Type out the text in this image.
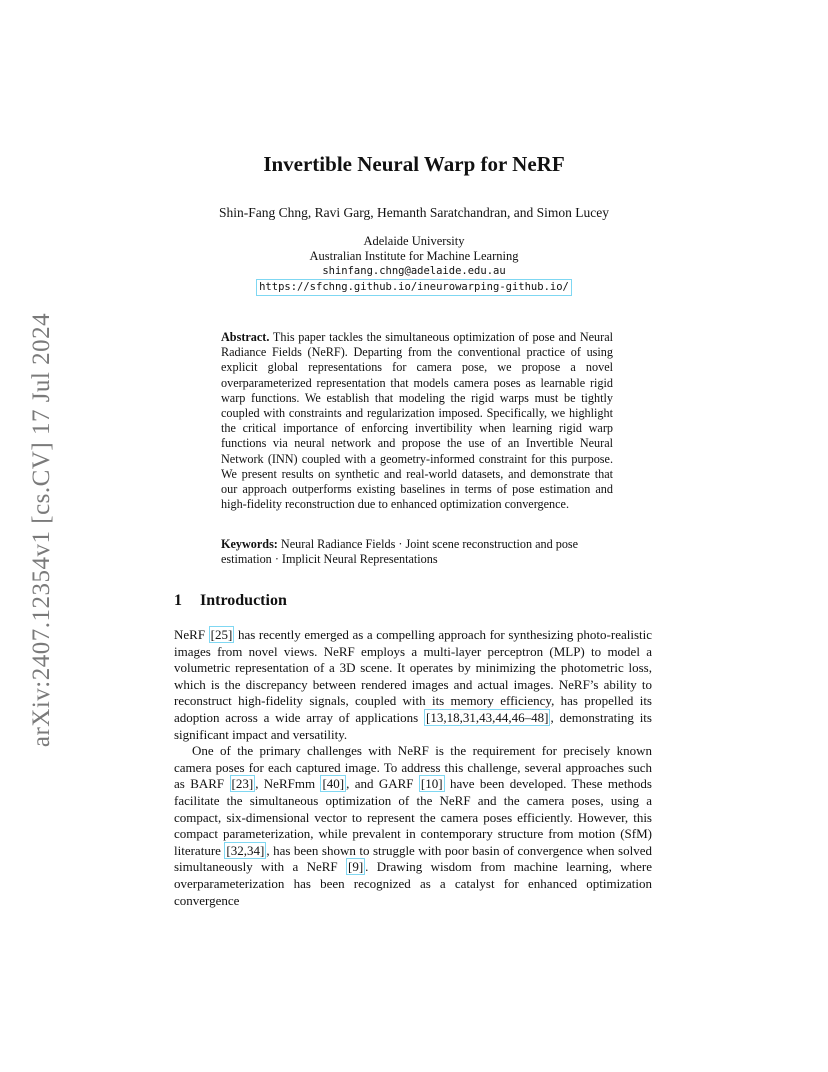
arXiv:2407.12354v1 [cs.CV] 17 Jul 2024
Invertible Neural Warp for NeRF
Shin-Fang Chng, Ravi Garg, Hemanth Saratchandran, and Simon Lucey
Adelaide University
Australian Institute for Machine Learning
shinfang.chng@adelaide.edu.au
https://sfchng.github.io/ineurowarping-github.io/
Abstract. This paper tackles the simultaneous optimization of pose and Neural Radiance Fields (NeRF). Departing from the conventional practice of using explicit global representations for camera pose, we propose a novel overparameterized representation that models camera poses as learnable rigid warp functions. We establish that modeling the rigid warps must be tightly coupled with constraints and regularization imposed. Specifically, we highlight the critical importance of enforcing invertibility when learning rigid warp functions via neural network and propose the use of an Invertible Neural Network (INN) coupled with a geometry-informed constraint for this purpose. We present results on synthetic and real-world datasets, and demonstrate that our approach outperforms existing baselines in terms of pose estimation and high-fidelity reconstruction due to enhanced optimization convergence.
Keywords: Neural Radiance Fields · Joint scene reconstruction and pose estimation · Implicit Neural Representations
1 Introduction

NeRF [25] has recently emerged as a compelling approach for synthesizing photo-realistic images from novel views. NeRF employs a multi-layer perceptron (MLP) to model a volumetric representation of a 3D scene. It operates by minimizing the photometric loss, which is the discrepancy between rendered images and actual images. NeRF’s ability to reconstruct high-fidelity signals, coupled with its memory efficiency, has propelled its adoption across a wide array of applications [13,18,31,43,44,46–48] , demonstrating its significant impact and versatility.

One of the primary challenges with NeRF is the requirement for precisely known camera poses for each captured image. To address this challenge, several approaches such as BARF [23] , NeRFmm [40] , and GARF [10] have been developed. These methods facilitate the simultaneous optimization of the NeRF and the camera poses, using a compact, six-dimensional vector to represent the camera poses efficiently. However, this compact parameterization, while prevalent in contemporary structure from motion (SfM) literature [32,34] , has been shown to struggle with poor basin of convergence when solved simultaneously with a NeRF [9] . Drawing wisdom from machine learning, where overparameterization has been recognized as a catalyst for enhanced optimization convergence
